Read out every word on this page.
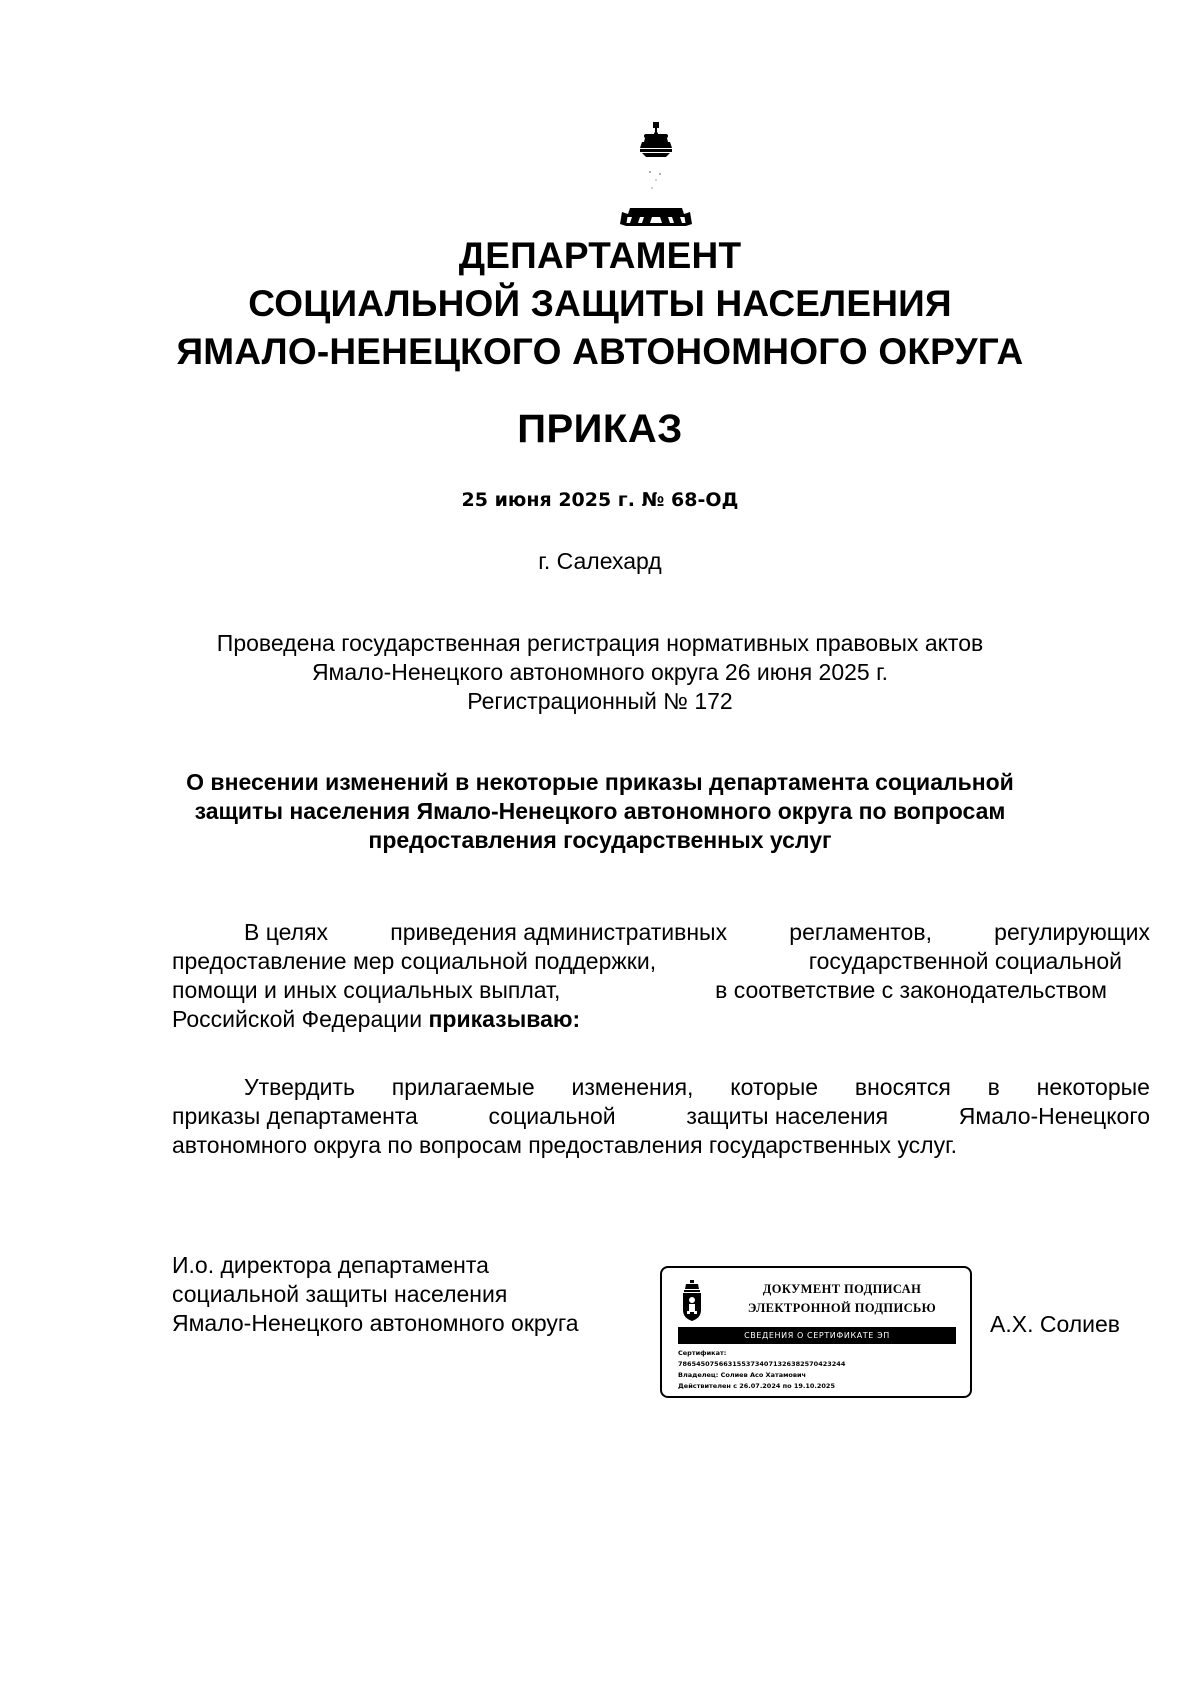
ДЕПАРТАМЕНТ
СОЦИАЛЬНОЙ ЗАЩИТЫ НАСЕЛЕНИЯ
ЯМАЛО-НЕНЕЦКОГО АВТОНОМНОГО ОКРУГА
ПРИКАЗ
25 июня 2025 г. № 68-ОД
г. Салехард
Проведена государственная регистрация нормативных правовых актов
Ямало-Ненецкого автономного округа 26 июня 2025 г.
Регистрационный № 172
О внесении изменений в некоторые приказы департамента социальной
защиты населения Ямало-Ненецкого автономного округа по вопросам
предоставления государственных услуг
В целях	приведения административных	регламентов,	регулирующих
предоставление мер социальной поддержки,	государственной социальной
помощи и иных социальных выплат,	в соответствие с законодательством
Российской Федерации приказываю:
Утвердить прилагаемые изменения, которые вносятся в некоторые
приказы департамента	социальной	защиты населения	Ямало-Ненецкого
автономного округа по вопросам предоставления государственных услуг.
И.о. директора департамента
социальной защиты населения
Ямало-Ненецкого автономного округа
ДОКУМЕНТ ПОДПИСАН
ЭЛЕКТРОННОЙ ПОДПИСЬЮ
СВЕДЕНИЯ О СЕРТИФИКАТЕ ЭП
Сертификат:
7865450756631553734071326382570423244
Владелец: Солиев Асо Хатамович
Действителен с 26.07.2024 по 19.10.2025
А.Х. Солиев
